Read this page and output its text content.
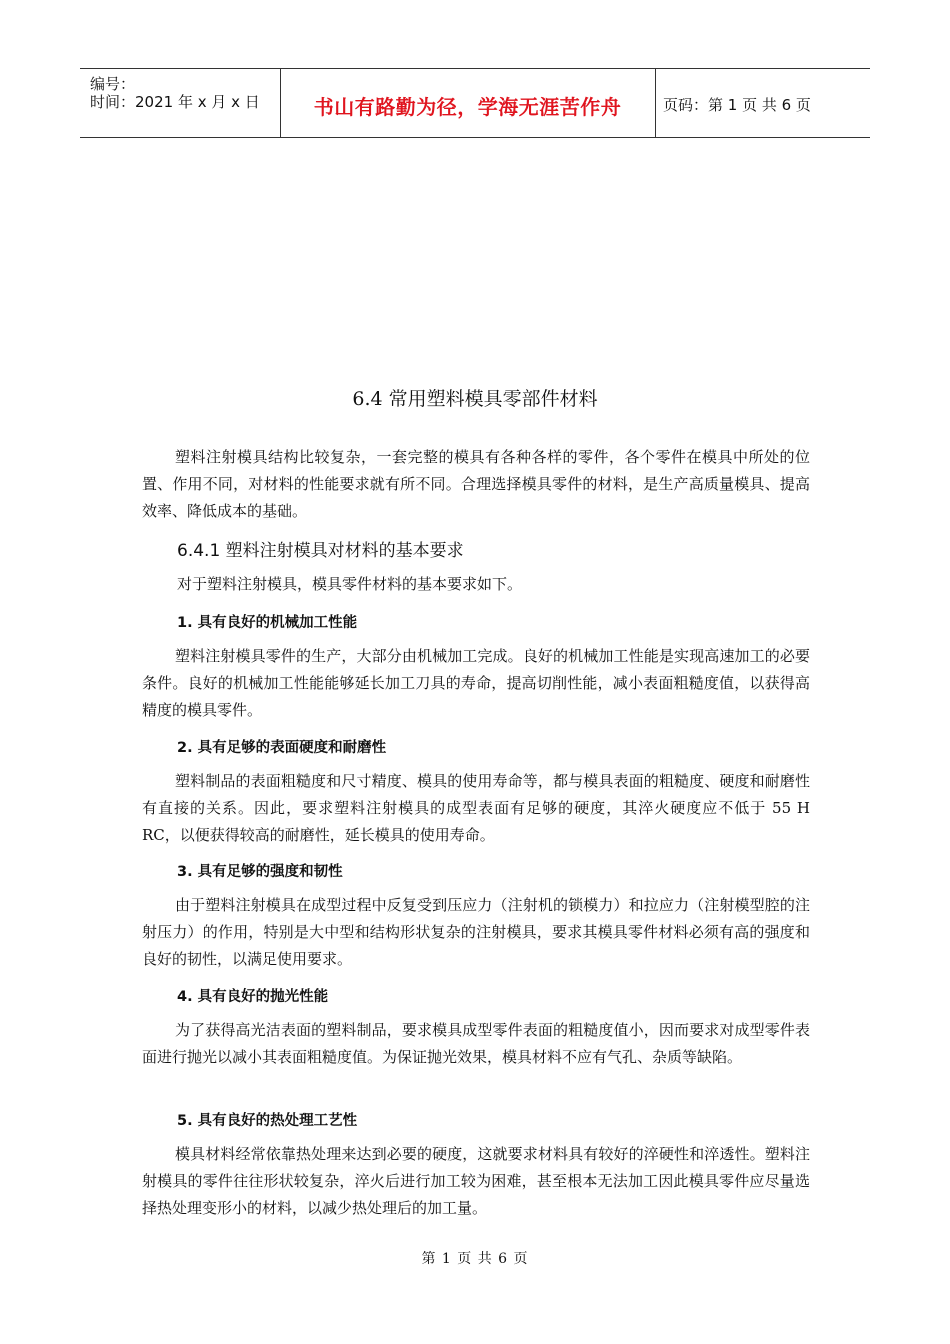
编号：
时间：2021 年 x 月 x 日	书山有路勤为径，学海无涯苦作舟	页码：第 1 页 共 6 页
6.4 常用塑料模具零部件材料

塑料注射模具结构比较复杂，一套完整的模具有各种各样的零件，各个零件在模具中所处的位置、作用不同，对材料的性能要求就有所不同。合理选择模具零件的材料，是生产高质量模具、提高效率、降低成本的基础。

6.4.1 塑料注射模具对材料的基本要求
对于塑料注射模具，模具零件材料的基本要求如下。
1. 具有良好的机械加工性能

塑料注射模具零件的生产，大部分由机械加工完成。良好的机械加工性能是实现高速加工的必要条件。良好的机械加工性能能够延长加工刀具的寿命，提高切削性能，减小表面粗糙度值，以获得高精度的模具零件。

2. 具有足够的表面硬度和耐磨性

塑料制品的表面粗糙度和尺寸精度、模具的使用寿命等，都与模具表面的粗糙度、硬度和耐磨性有直接的关系。因此，要求塑料注射模具的成型表面有足够的硬度，其淬火硬度应不低于 55 H RC，以便获得较高的耐磨性，延长模具的使用寿命。

3. 具有足够的强度和韧性

由于塑料注射模具在成型过程中反复受到压应力（注射机的锁模力）和拉应力（注射模型腔的注射压力）的作用，特别是大中型和结构形状复杂的注射模具，要求其模具零件材料必须有高的强度和良好的韧性，以满足使用要求。

4. 具有良好的抛光性能

为了获得高光洁表面的塑料制品，要求模具成型零件表面的粗糙度值小，因而要求对成型零件表面进行抛光以减小其表面粗糙度值。为保证抛光效果，模具材料不应有气孔、杂质等缺陷。

5. 具有良好的热处理工艺性

模具材料经常依靠热处理来达到必要的硬度，这就要求材料具有较好的淬硬性和淬透性。塑料注射模具的零件往往形状较复杂，淬火后进行加工较为困难，甚至根本无法加工因此模具零件应尽量选择热处理变形小的材料，以减少热处理后的加工量。

第 1 页 共 6 页
